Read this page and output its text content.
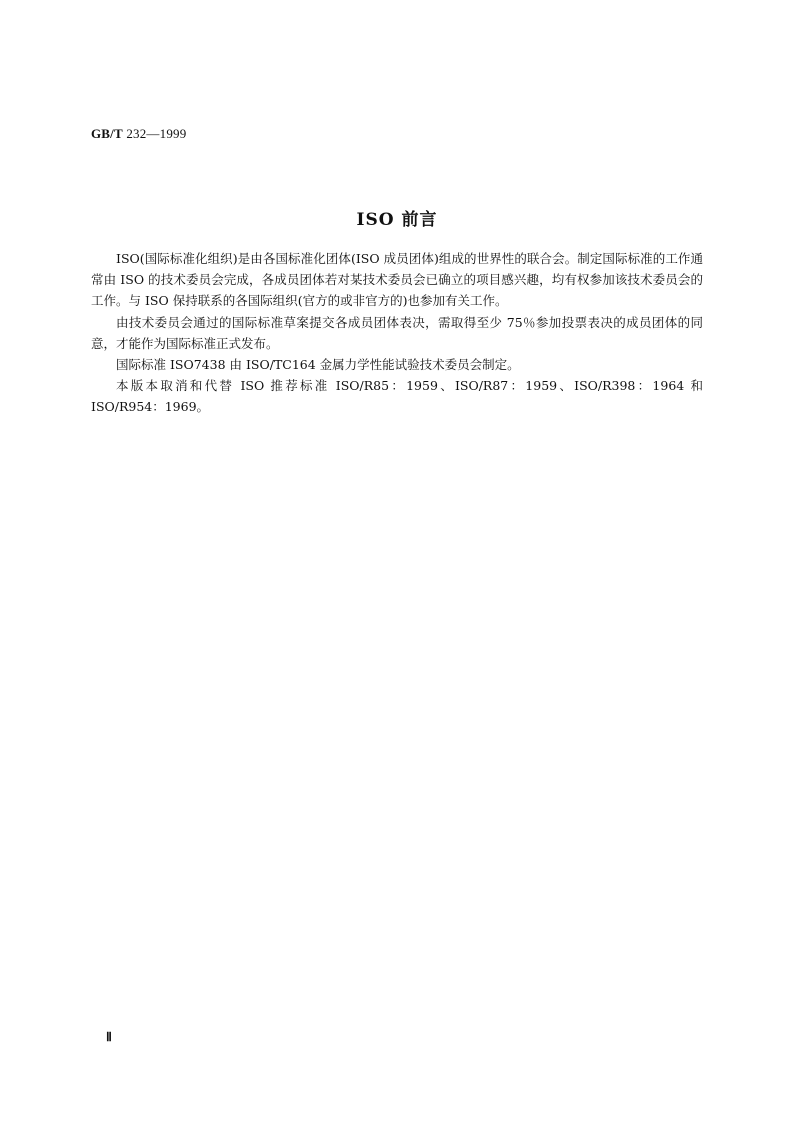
GB/T 232—1999
ISO 前言

ISO(国际标准化组织)是由各国标准化团体(ISO 成员团体)组成的世界性的联合会。制定国际标准的工作通常由 ISO 的技术委员会完成，各成员团体若对某技术委员会已确立的项目感兴趣，均有权参加该技术委员会的工作。与 ISO 保持联系的各国际组织(官方的或非官方的)也参加有关工作。

由技术委员会通过的国际标准草案提交各成员团体表决，需取得至少 75％参加投票表决的成员团体的同意，才能作为国际标准正式发布。

国际标准 ISO7438 由 ISO/TC164 金属力学性能试验技术委员会制定。

本版本取消和代替 ISO 推荐标准 ISO/R85：1959、ISO/R87：1959、ISO/R398：1964 和 ISO/R954：1969。

Ⅱ
